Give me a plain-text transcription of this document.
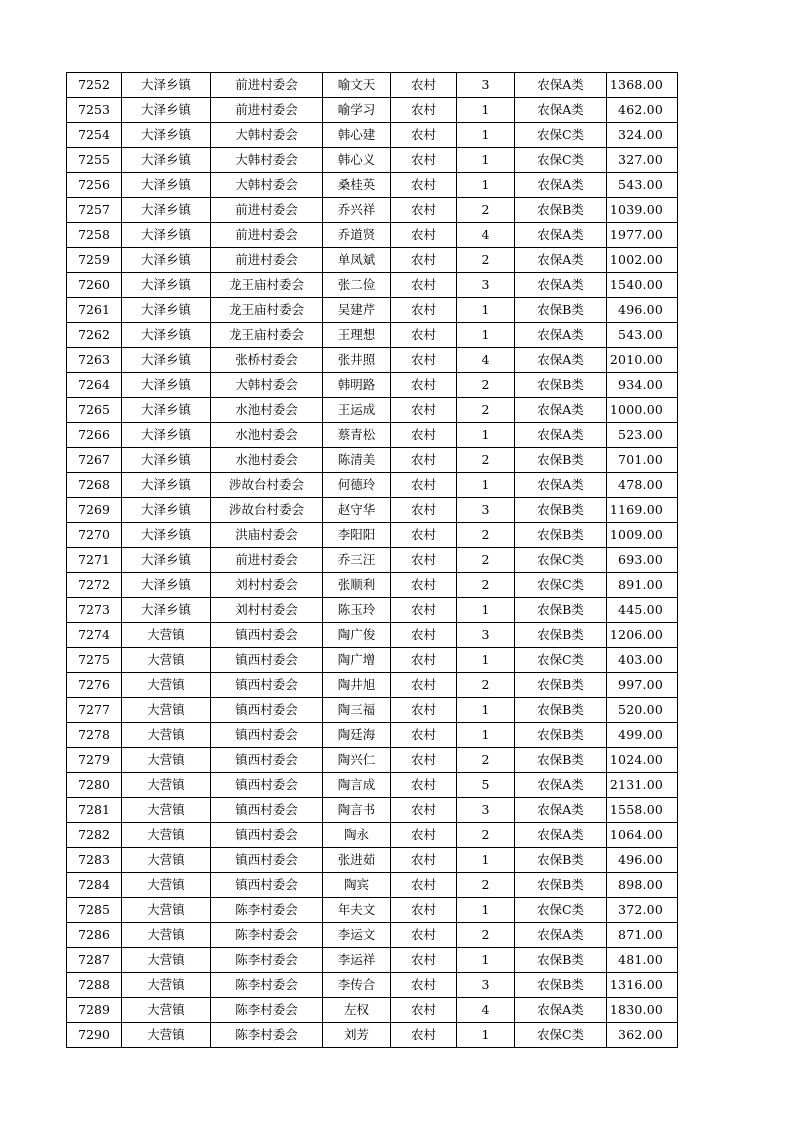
7252	大泽乡镇	前进村委会	喻文天	农村	3	农保A类	1368.00
7253	大泽乡镇	前进村委会	喻学习	农村	1	农保A类	462.00
7254	大泽乡镇	大韩村委会	韩心建	农村	1	农保C类	324.00
7255	大泽乡镇	大韩村委会	韩心义	农村	1	农保C类	327.00
7256	大泽乡镇	大韩村委会	桑桂英	农村	1	农保A类	543.00
7257	大泽乡镇	前进村委会	乔兴祥	农村	2	农保B类	1039.00
7258	大泽乡镇	前进村委会	乔道贤	农村	4	农保A类	1977.00
7259	大泽乡镇	前进村委会	单凤斌	农村	2	农保A类	1002.00
7260	大泽乡镇	龙王庙村委会	张二俭	农村	3	农保A类	1540.00
7261	大泽乡镇	龙王庙村委会	吴建芹	农村	1	农保B类	496.00
7262	大泽乡镇	龙王庙村委会	王理想	农村	1	农保A类	543.00
7263	大泽乡镇	张桥村委会	张井照	农村	4	农保A类	2010.00
7264	大泽乡镇	大韩村委会	韩明路	农村	2	农保B类	934.00
7265	大泽乡镇	水池村委会	王运成	农村	2	农保A类	1000.00
7266	大泽乡镇	水池村委会	蔡青松	农村	1	农保A类	523.00
7267	大泽乡镇	水池村委会	陈清美	农村	2	农保B类	701.00
7268	大泽乡镇	涉故台村委会	何德玲	农村	1	农保A类	478.00
7269	大泽乡镇	涉故台村委会	赵守华	农村	3	农保B类	1169.00
7270	大泽乡镇	洪庙村委会	李阳阳	农村	2	农保B类	1009.00
7271	大泽乡镇	前进村委会	乔三汪	农村	2	农保C类	693.00
7272	大泽乡镇	刘村村委会	张顺利	农村	2	农保C类	891.00
7273	大泽乡镇	刘村村委会	陈玉玲	农村	1	农保B类	445.00
7274	大营镇	镇西村委会	陶广俊	农村	3	农保B类	1206.00
7275	大营镇	镇西村委会	陶广增	农村	1	农保C类	403.00
7276	大营镇	镇西村委会	陶井旭	农村	2	农保B类	997.00
7277	大营镇	镇西村委会	陶三福	农村	1	农保B类	520.00
7278	大营镇	镇西村委会	陶廷海	农村	1	农保B类	499.00
7279	大营镇	镇西村委会	陶兴仁	农村	2	农保B类	1024.00
7280	大营镇	镇西村委会	陶言成	农村	5	农保A类	2131.00
7281	大营镇	镇西村委会	陶言书	农村	3	农保A类	1558.00
7282	大营镇	镇西村委会	陶永	农村	2	农保A类	1064.00
7283	大营镇	镇西村委会	张进茹	农村	1	农保B类	496.00
7284	大营镇	镇西村委会	陶宾	农村	2	农保B类	898.00
7285	大营镇	陈李村委会	年夫文	农村	1	农保C类	372.00
7286	大营镇	陈李村委会	李运文	农村	2	农保A类	871.00
7287	大营镇	陈李村委会	李运祥	农村	1	农保B类	481.00
7288	大营镇	陈李村委会	李传合	农村	3	农保B类	1316.00
7289	大营镇	陈李村委会	左权	农村	4	农保A类	1830.00
7290	大营镇	陈李村委会	刘芳	农村	1	农保C类	362.00
